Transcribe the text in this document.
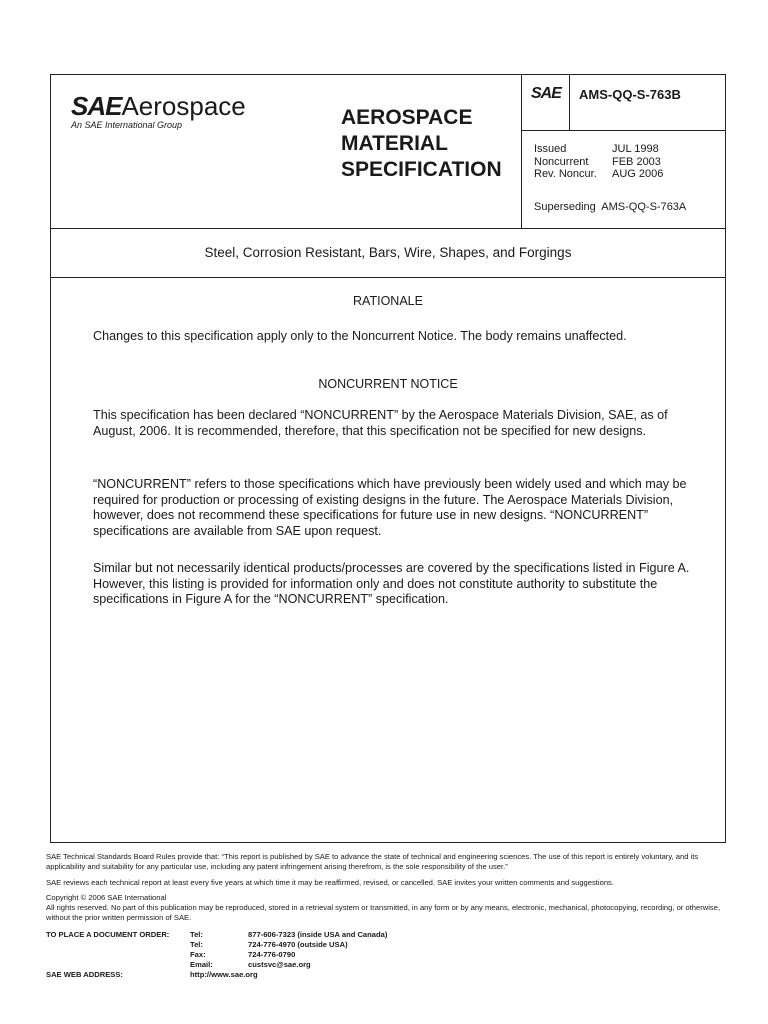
SAEAerospace
An SAE International Group	AEROSPACE
MATERIAL
SPECIFICATION
SAE AMS-QQ-S-763B
Issued	JUL 1998
Noncurrent	FEB 2003
Rev. Noncur.	AUG 2006
Superseding AMS-QQ-S-763A
Steel, Corrosion Resistant, Bars, Wire, Shapes, and Forgings
RATIONALE
Changes to this specification apply only to the Noncurrent Notice. The body remains unaffected.
NONCURRENT NOTICE
This specification has been declared “NONCURRENT” by the Aerospace Materials Division, SAE, as of August, 2006. It is recommended, therefore, that this specification not be specified for new designs.
“NONCURRENT” refers to those specifications which have previously been widely used and which may be required for production or processing of existing designs in the future. The Aerospace Materials Division, however, does not recommend these specifications for future use in new designs. “NONCURRENT” specifications are available from SAE upon request.
Similar but not necessarily identical products/processes are covered by the specifications listed in Figure A. However, this listing is provided for information only and does not constitute authority to substitute the specifications in Figure A for the “NONCURRENT” specification.
SAE Technical Standards Board Rules provide that: “This report is published by SAE to advance the state of technical and engineering sciences. The use of this report is entirely voluntary, and its applicability and suitability for any particular use, including any patent infringement arising therefrom, is the sole responsibility of the user.”
SAE reviews each technical report at least every five years at which time it may be reaffirmed, revised, or cancelled. SAE invites your written comments and suggestions.
Copyright © 2006 SAE International
All rights reserved. No part of this publication may be reproduced, stored in a retrieval system or transmitted, in any form or by any means, electronic, mechanical, photocopying, recording, or otherwise, without the prior written permission of SAE.
TO PLACE A DOCUMENT ORDER:	Tel:	877-606-7323 (inside USA and Canada)
Tel:	724-776-4970 (outside USA)
Fax:	724-776-0790
Email:	custsvc@sae.org
SAE WEB ADDRESS:	http://www.sae.org
